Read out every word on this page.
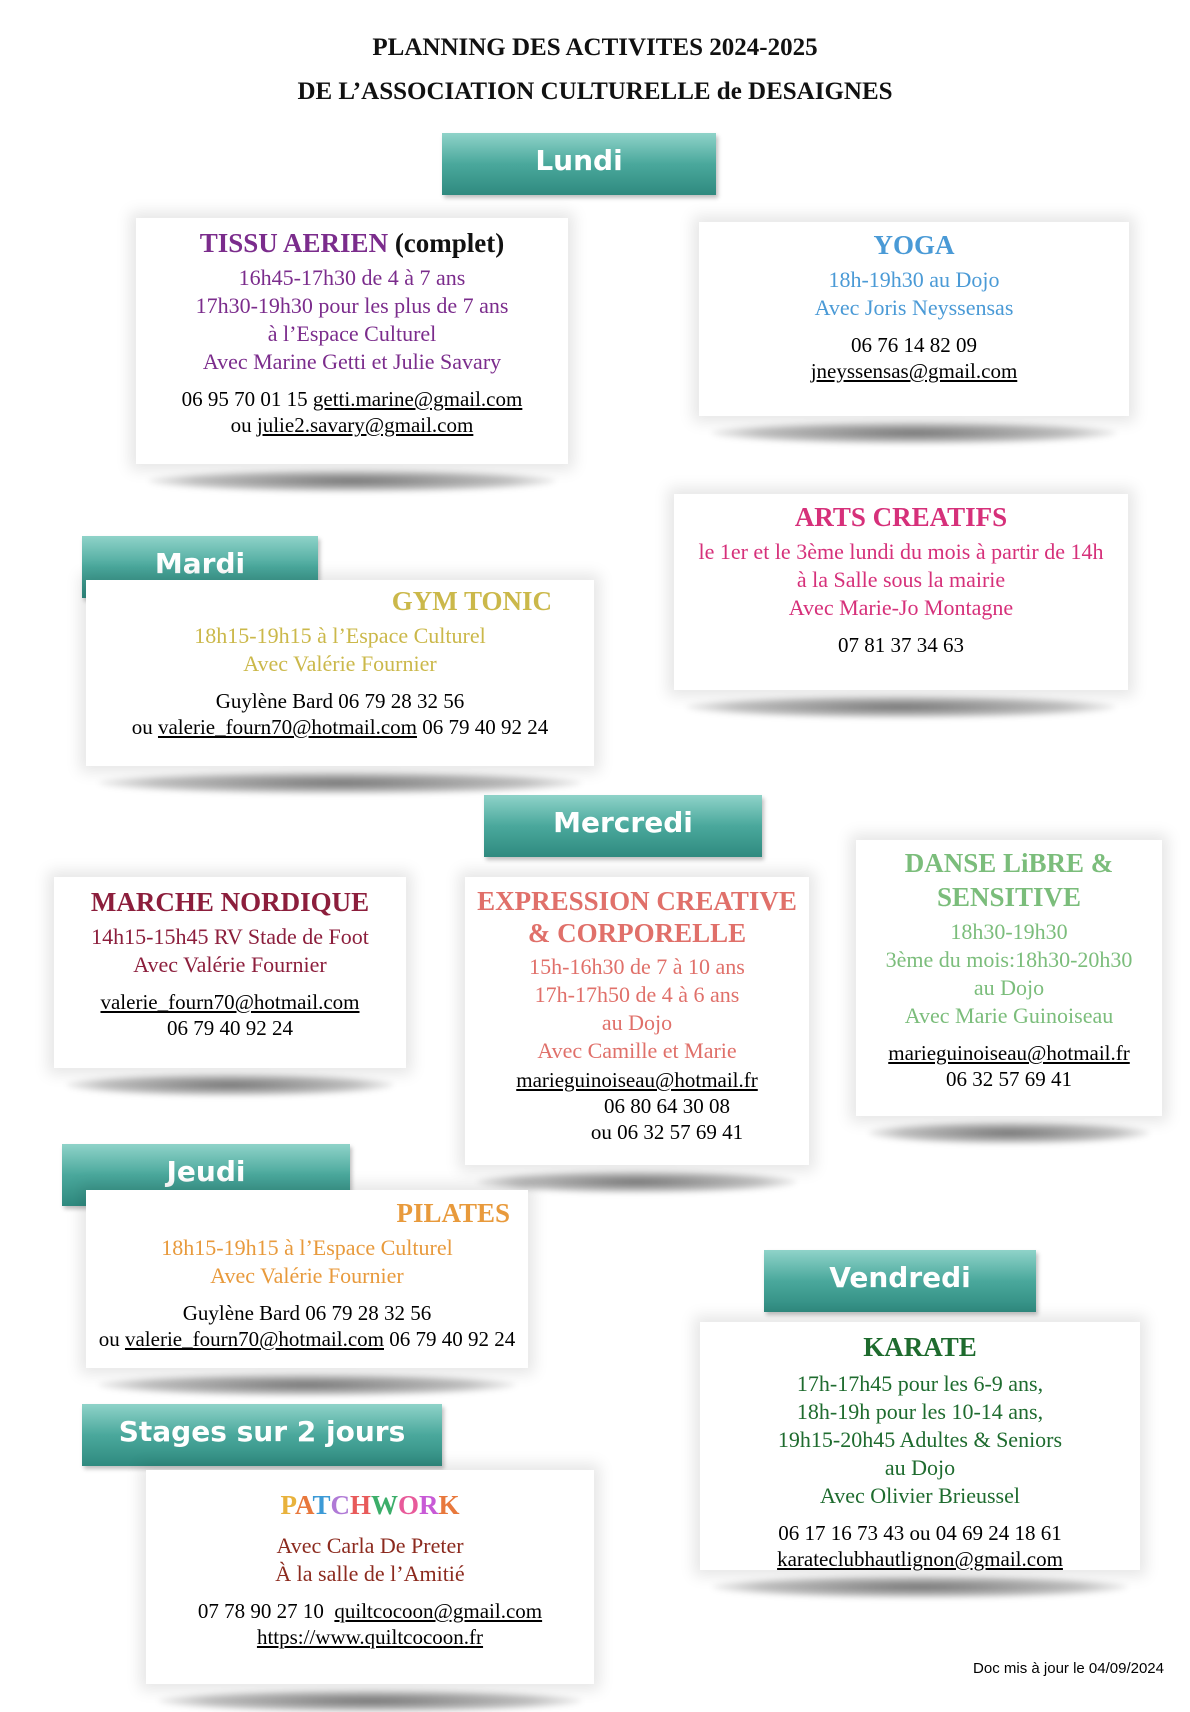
PLANNING DES ACTIVITES 2024-2025
DE L’ASSOCIATION CULTURELLE de DESAIGNES
Lundi
Mardi
Mercredi
Jeudi
Stages sur 2 jours
Vendredi
TISSU AERIEN (complet)
16h45-17h30 de 4 à 7 ans
17h30-19h30 pour les plus de 7 ans
à l’Espace Culturel
Avec Marine Getti et Julie Savary
06 95 70 01 15 getti.marine@gmail.com
ou julie2.savary@gmail.com
YOGA
18h-19h30 au Dojo
Avec Joris Neyssensas
06 76 14 82 09
jneyssensas@gmail.com
ARTS CREATIFS
le 1er et le 3ème lundi du mois à partir de 14h
à la Salle sous la mairie
Avec Marie-Jo Montagne
07 81 37 34 63
GYM TONIC
18h15-19h15 à l’Espace Culturel
Avec Valérie Fournier
Guylène Bard 06 79 28 32 56
ou valerie_fourn70@hotmail.com 06 79 40 92 24
MARCHE NORDIQUE
14h15-15h45 RV Stade de Foot
Avec Valérie Fournier
valerie_fourn70@hotmail.com
06 79 40 92 24
EXPRESSION CREATIVE
& CORPORELLE
15h-16h30 de 7 à 10 ans
17h-17h50 de 4 à 6 ans
au Dojo
Avec Camille et Marie
marieguinoiseau@hotmail.fr
06 80 64 30 08
ou 06 32 57 69 41
DANSE LiBRE &
SENSITIVE
18h30-19h30
3ème du mois:18h30-20h30
au Dojo
Avec Marie Guinoiseau
marieguinoiseau@hotmail.fr
06 32 57 69 41
PILATES
18h15-19h15 à l’Espace Culturel
Avec Valérie Fournier
Guylène Bard 06 79 28 32 56
ou valerie_fourn70@hotmail.com 06 79 40 92 24
PATCHWORK
Avec Carla De Preter
À la salle de l’Amitié
07 78 90 27 10 quiltcocoon@gmail.com
https://www.quiltcocoon.fr
KARATE
17h-17h45 pour les 6-9 ans,
18h-19h pour les 10-14 ans,
19h15-20h45 Adultes & Seniors
au Dojo
Avec Olivier Brieussel
06 17 16 73 43 ou 04 69 24 18 61
karateclubhautlignon@gmail.com
Doc mis à jour le 04/09/2024
